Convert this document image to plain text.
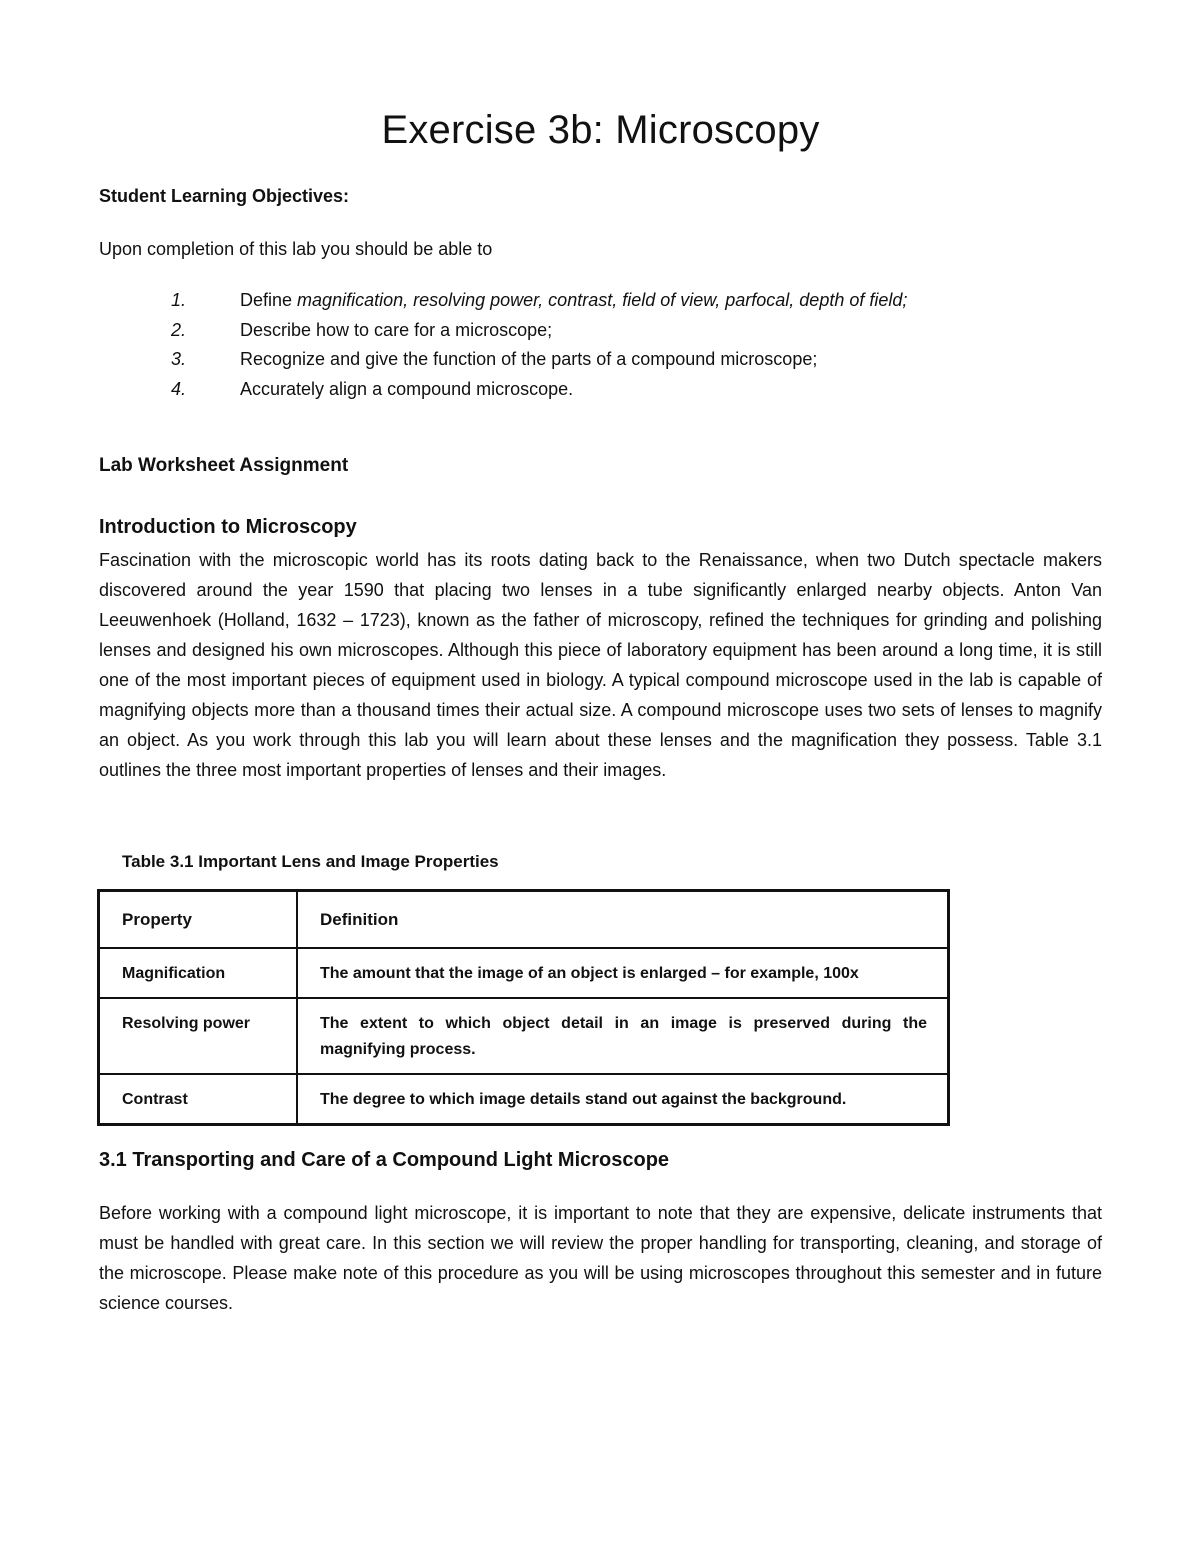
Exercise 3b: Microscopy
Student Learning Objectives:
Upon completion of this lab you should be able to
1.	Define magnification, resolving power, contrast, field of view, parfocal, depth of field;
2.	Describe how to care for a microscope;
3.	Recognize and give the function of the parts of a compound microscope;
4.	Accurately align a compound microscope.
Lab Worksheet Assignment
Introduction to Microscopy

Fascination with the microscopic world has its roots dating back to the Renaissance, when two Dutch spectacle makers discovered around the year 1590 that placing two lenses in a tube significantly enlarged nearby objects. Anton Van Leeuwenhoek (Holland, 1632 – 1723), known as the father of microscopy, refined the techniques for grinding and polishing lenses and designed his own microscopes. Although this piece of laboratory equipment has been around a long time, it is still one of the most important pieces of equipment used in biology. A typical compound microscope used in the lab is capable of magnifying objects more than a thousand times their actual size. A compound microscope uses two sets of lenses to magnify an object. As you work through this lab you will learn about these lenses and the magnification they possess. Table 3.1 outlines the three most important properties of lenses and their images.

Table 3.1 Important Lens and Image Properties
Property	Definition
Magnification	The amount that the image of an object is enlarged – for example, 100x
Resolving power	The extent to which object detail in an image is preserved during the magnifying process.
Contrast	The degree to which image details stand out against the background.
3.1 Transporting and Care of a Compound Light Microscope

Before working with a compound light microscope, it is important to note that they are expensive, delicate instruments that must be handled with great care. In this section we will review the proper handling for transporting, cleaning, and storage of the microscope. Please make note of this procedure as you will be using microscopes throughout this semester and in future science courses.
